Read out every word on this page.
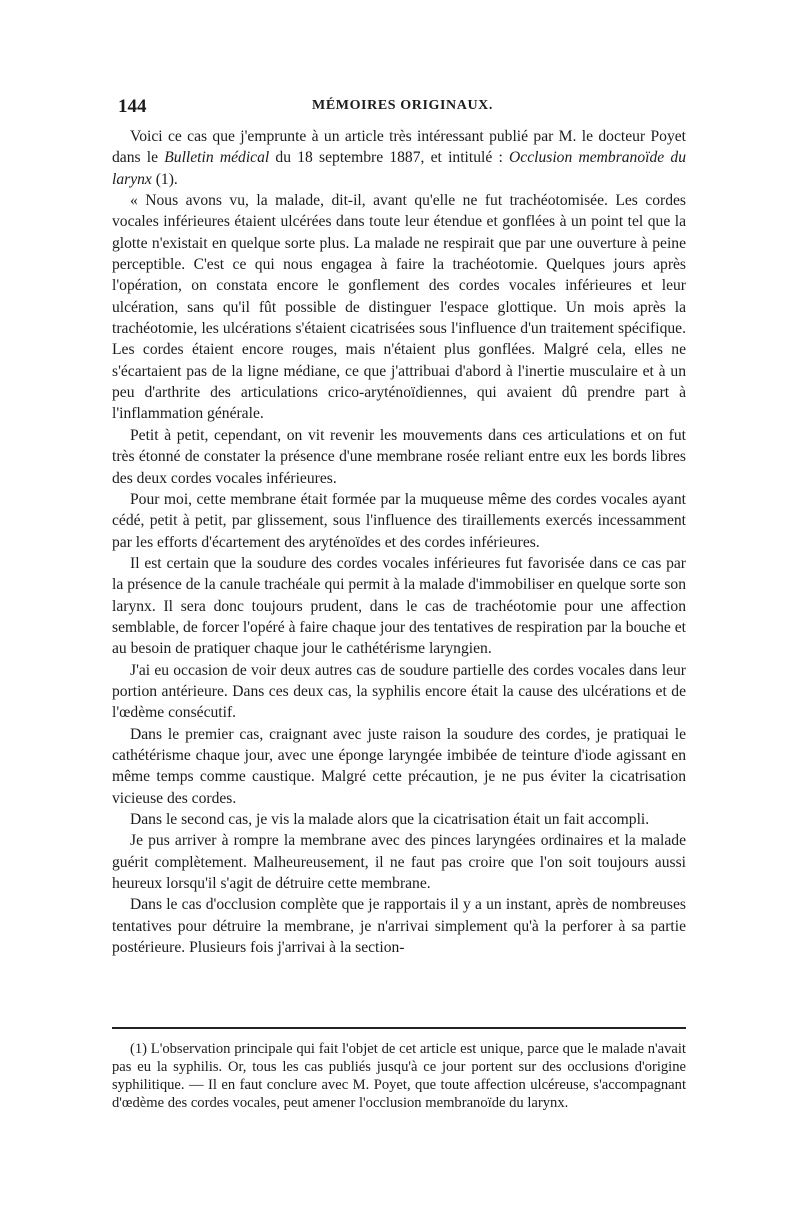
144	MÉMOIRES ORIGINAUX.

Voici ce cas que j'emprunte à un article très intéressant publié par M. le docteur Poyet dans le Bulletin médical du 18 septembre 1887, et intitulé : Occlusion membranoïde du larynx (1).

« Nous avons vu, la malade, dit-il, avant qu'elle ne fut trachéotomisée. Les cordes vocales inférieures étaient ulcérées dans toute leur étendue et gonflées à un point tel que la glotte n'existait en quelque sorte plus. La malade ne respirait que par une ouverture à peine perceptible. C'est ce qui nous engagea à faire la trachéotomie. Quelques jours après l'opération, on constata encore le gonflement des cordes vocales inférieures et leur ulcération, sans qu'il fût possible de distinguer l'espace glottique. Un mois après la trachéotomie, les ulcérations s'étaient cicatrisées sous l'influence d'un traitement spécifique. Les cordes étaient encore rouges, mais n'étaient plus gonflées. Malgré cela, elles ne s'écartaient pas de la ligne médiane, ce que j'attribuai d'abord à l'inertie musculaire et à un peu d'arthrite des articulations crico-aryténoïdiennes, qui avaient dû prendre part à l'inflammation générale.

Petit à petit, cependant, on vit revenir les mouvements dans ces articulations et on fut très étonné de constater la présence d'une membrane rosée reliant entre eux les bords libres des deux cordes vocales inférieures.

Pour moi, cette membrane était formée par la muqueuse même des cordes vocales ayant cédé, petit à petit, par glissement, sous l'influence des tiraillements exercés incessamment par les efforts d'écartement des aryténoïdes et des cordes inférieures.

Il est certain que la soudure des cordes vocales inférieures fut favorisée dans ce cas par la présence de la canule trachéale qui permit à la malade d'immobiliser en quelque sorte son larynx. Il sera donc toujours prudent, dans le cas de trachéotomie pour une affection semblable, de forcer l'opéré à faire chaque jour des tentatives de respiration par la bouche et au besoin de pratiquer chaque jour le cathétérisme laryngien.

J'ai eu occasion de voir deux autres cas de soudure partielle des cordes vocales dans leur portion antérieure. Dans ces deux cas, la syphilis encore était la cause des ulcérations et de l'œdème consécutif.

Dans le premier cas, craignant avec juste raison la soudure des cordes, je pratiquai le cathétérisme chaque jour, avec une éponge laryngée imbibée de teinture d'iode agissant en même temps comme caustique. Malgré cette précaution, je ne pus éviter la cicatrisation vicieuse des cordes.

Dans le second cas, je vis la malade alors que la cicatrisation était un fait accompli.

Je pus arriver à rompre la membrane avec des pinces laryngées ordinaires et la malade guérit complètement. Malheureusement, il ne faut pas croire que l'on soit toujours aussi heureux lorsqu'il s'agit de détruire cette membrane.

Dans le cas d'occlusion complète que je rapportais il y a un instant, après de nombreuses tentatives pour détruire la membrane, je n'arrivai simplement qu'à la perforer à sa partie postérieure. Plusieurs fois j'arrivai à la section-

(1) L'observation principale qui fait l'objet de cet article est unique, parce que le malade n'avait pas eu la syphilis. Or, tous les cas publiés jusqu'à ce jour portent sur des occlusions d'origine syphilitique. — Il en faut conclure avec M. Poyet, que toute affection ulcéreuse, s'accompagnant d'œdème des cordes vocales, peut amener l'occlusion membranoïde du larynx.
